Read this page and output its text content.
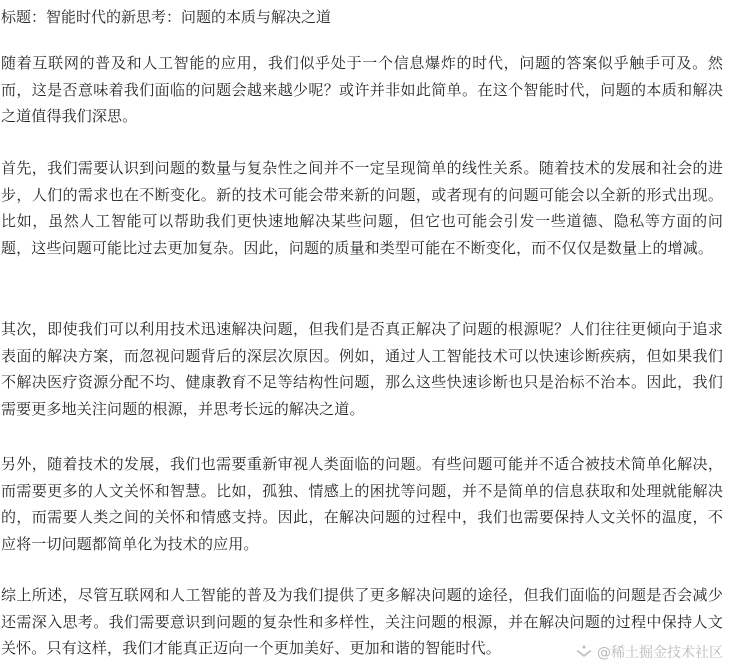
标题：智能时代的新思考：问题的本质与解决之道

随着互联网的普及和人工智能的应用，我们似乎处于一个信息爆炸的时代，问题的答案似乎触手可及。然而，这是否意味着我们面临的问题会越来越少呢？或许并非如此简单。在这个智能时代，问题的本质和解决之道值得我们深思。

首先，我们需要认识到问题的数量与复杂性之间并不一定呈现简单的线性关系。随着技术的发展和社会的进步，人们的需求也在不断变化。新的技术可能会带来新的问题，或者现有的问题可能会以全新的形式出现。比如，虽然人工智能可以帮助我们更快速地解决某些问题，但它也可能会引发一些道德、隐私等方面的问题，这些问题可能比过去更加复杂。因此，问题的质量和类型可能在不断变化，而不仅仅是数量上的增减。

其次，即使我们可以利用技术迅速解决问题，但我们是否真正解决了问题的根源呢？人们往往更倾向于追求表面的解决方案，而忽视问题背后的深层次原因。例如，通过人工智能技术可以快速诊断疾病，但如果我们不解决医疗资源分配不均、健康教育不足等结构性问题，那么这些快速诊断也只是治标不治本。因此，我们需要更多地关注问题的根源，并思考长远的解决之道。

另外，随着技术的发展，我们也需要重新审视人类面临的问题。有些问题可能并不适合被技术简单化解决，而需要更多的人文关怀和智慧。比如，孤独、情感上的困扰等问题，并不是简单的信息获取和处理就能解决的，而需要人类之间的关怀和情感支持。因此，在解决问题的过程中，我们也需要保持人文关怀的温度，不应将一切问题都简单化为技术的应用。

综上所述，尽管互联网和人工智能的普及为我们提供了更多解决问题的途径，但我们面临的问题是否会减少还需深入思考。我们需要意识到问题的复杂性和多样性，关注问题的根源，并在解决问题的过程中保持人文关怀。只有这样，我们才能真正迈向一个更加美好、更加和谐的智能时代。	@稀土掘金技术社区
